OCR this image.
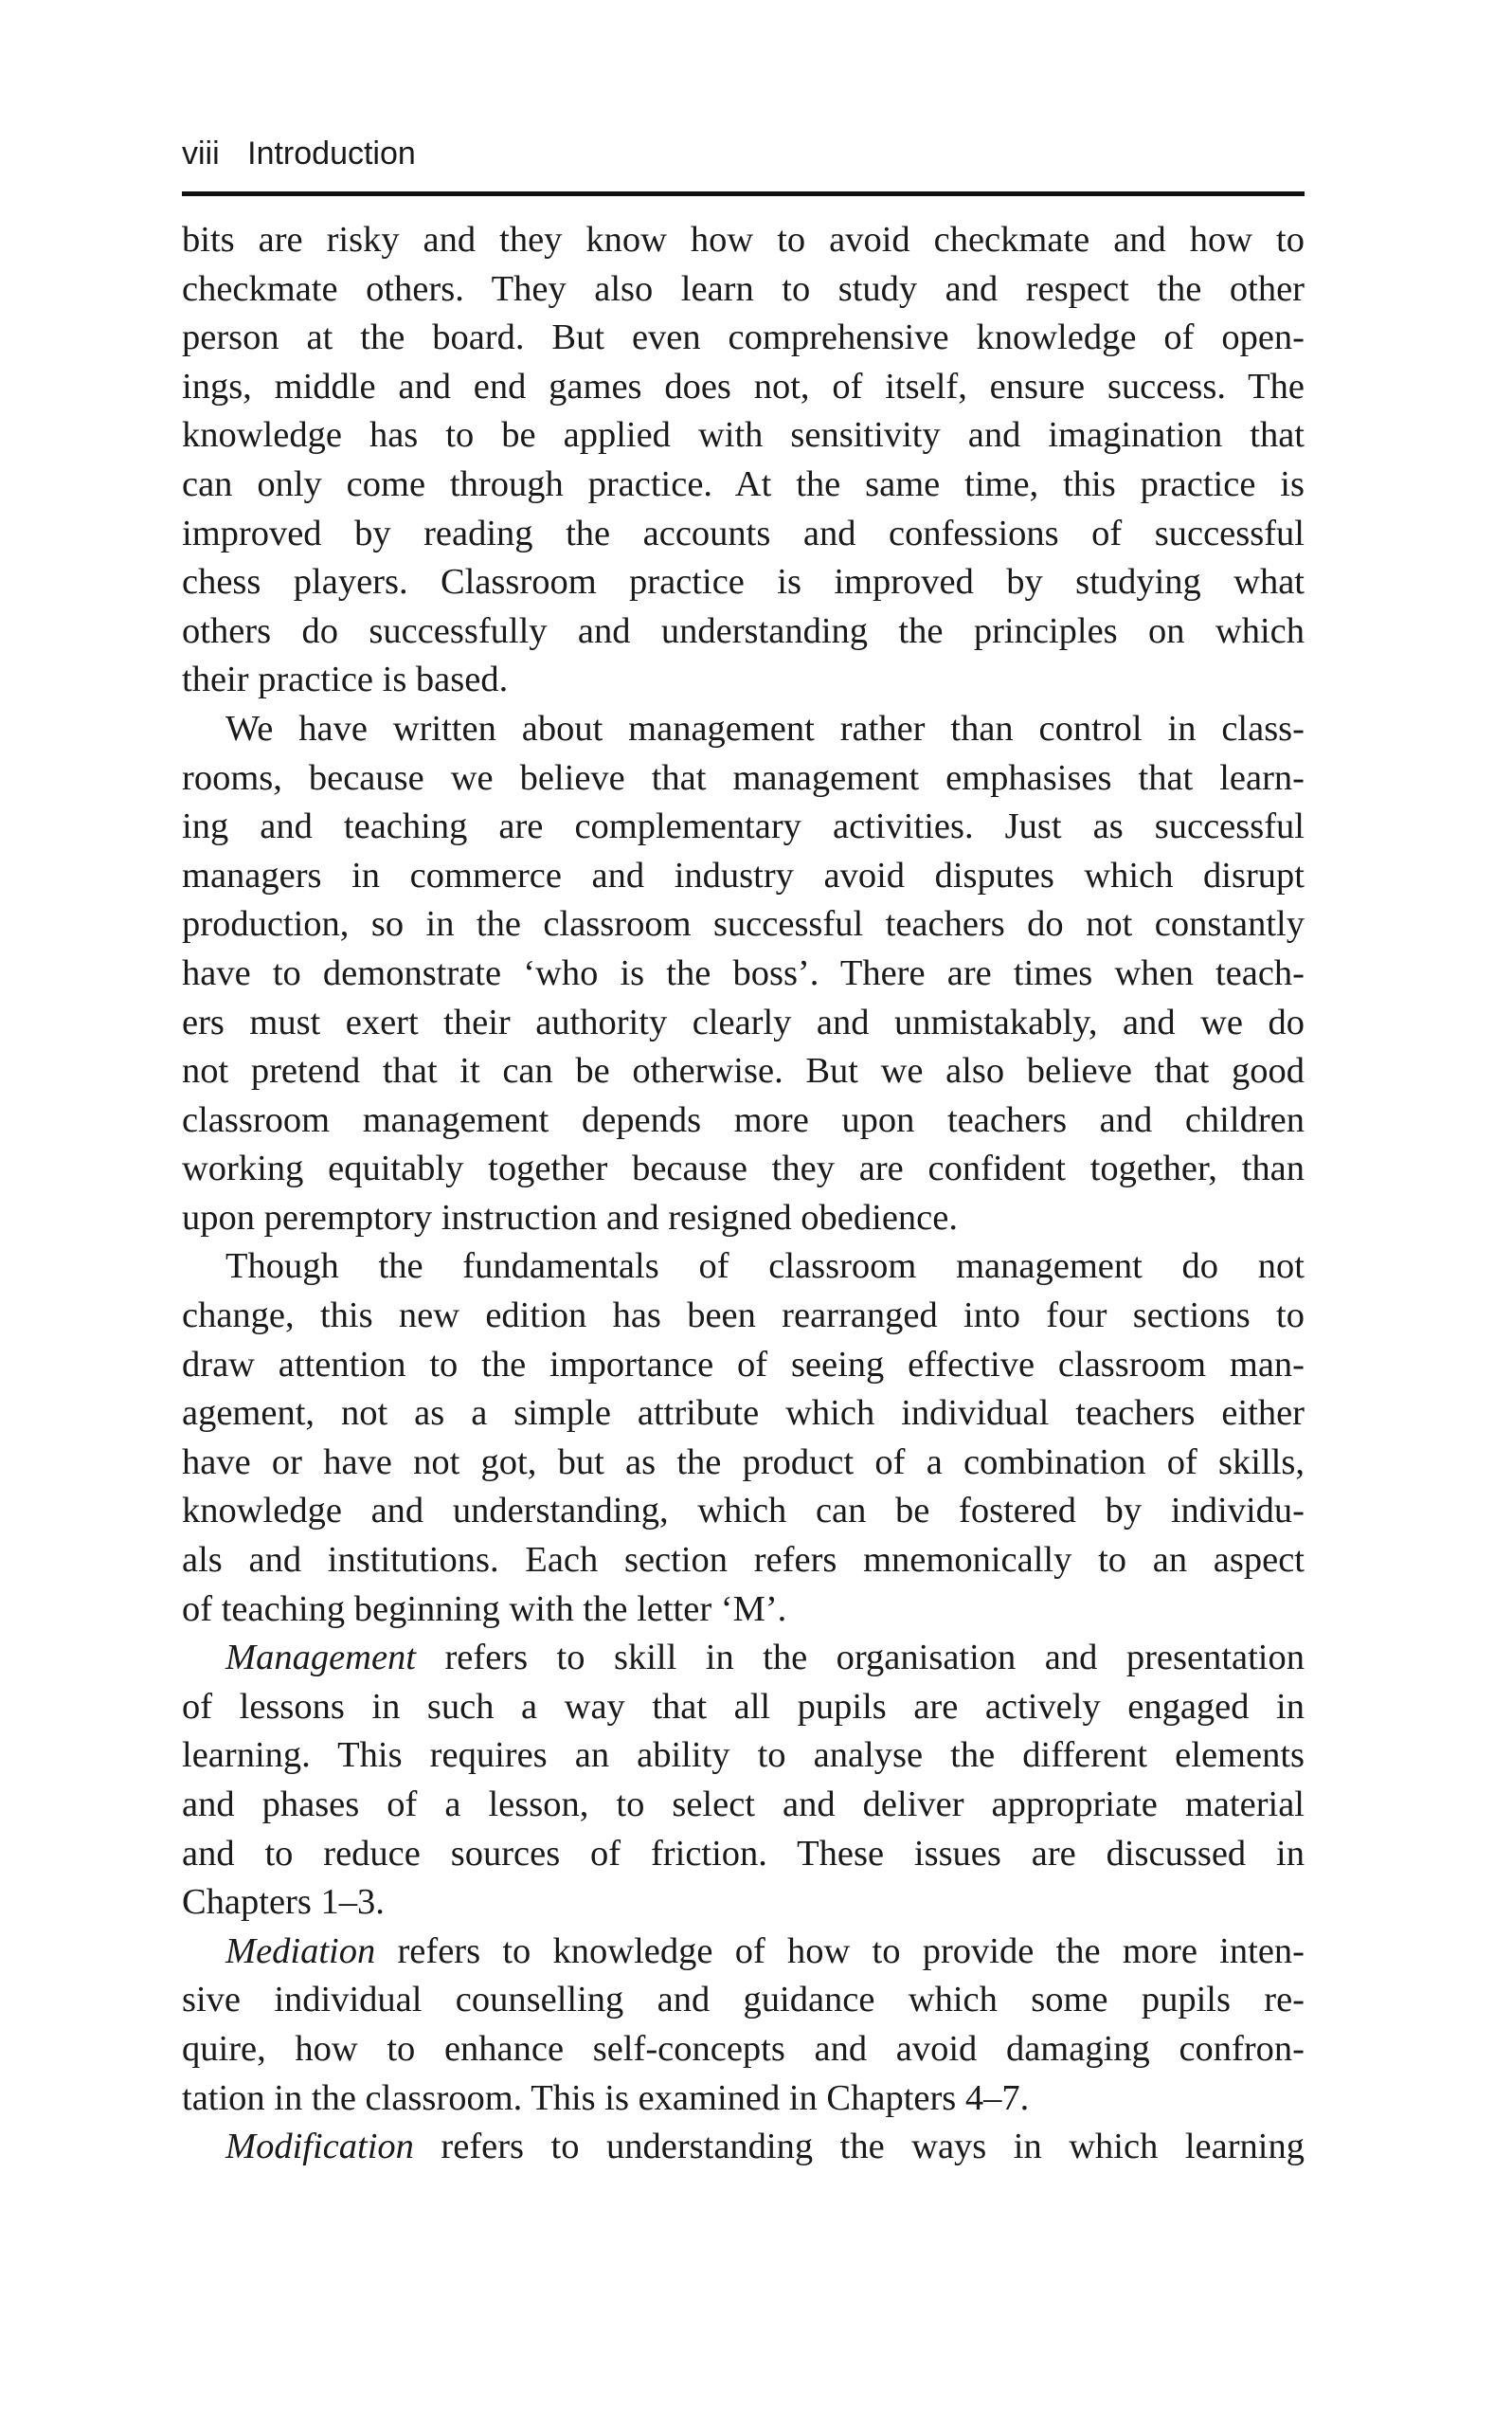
viii Introduction
bits are risky and they know how to avoid checkmate and how to
checkmate others. They also learn to study and respect the other
person at the board. But even comprehensive knowledge of open-
ings, middle and end games does not, of itself, ensure success. The
knowledge has to be applied with sensitivity and imagination that
can only come through practice. At the same time, this practice is
improved by reading the accounts and confessions of successful
chess players. Classroom practice is improved by studying what
others do successfully and understanding the principles on which
their practice is based.
We have written about management rather than control in class-
rooms, because we believe that management emphasises that learn-
ing and teaching are complementary activities. Just as successful
managers in commerce and industry avoid disputes which disrupt
production, so in the classroom successful teachers do not constantly
have to demonstrate ‘who is the boss’. There are times when teach-
ers must exert their authority clearly and unmistakably, and we do
not pretend that it can be otherwise. But we also believe that good
classroom management depends more upon teachers and children
working equitably together because they are confident together, than
upon peremptory instruction and resigned obedience.
Though the fundamentals of classroom management do not
change, this new edition has been rearranged into four sections to
draw attention to the importance of seeing effective classroom man-
agement, not as a simple attribute which individual teachers either
have or have not got, but as the product of a combination of skills,
knowledge and understanding, which can be fostered by individu-
als and institutions. Each section refers mnemonically to an aspect
of teaching beginning with the letter ‘M’.
Management refers to skill in the organisation and presentation
of lessons in such a way that all pupils are actively engaged in
learning. This requires an ability to analyse the different elements
and phases of a lesson, to select and deliver appropriate material
and to reduce sources of friction. These issues are discussed in
Chapters 1–3.
Mediation refers to knowledge of how to provide the more inten-
sive individual counselling and guidance which some pupils re-
quire, how to enhance self-concepts and avoid damaging confron-
tation in the classroom. This is examined in Chapters 4–7.
Modification refers to understanding the ways in which learning
